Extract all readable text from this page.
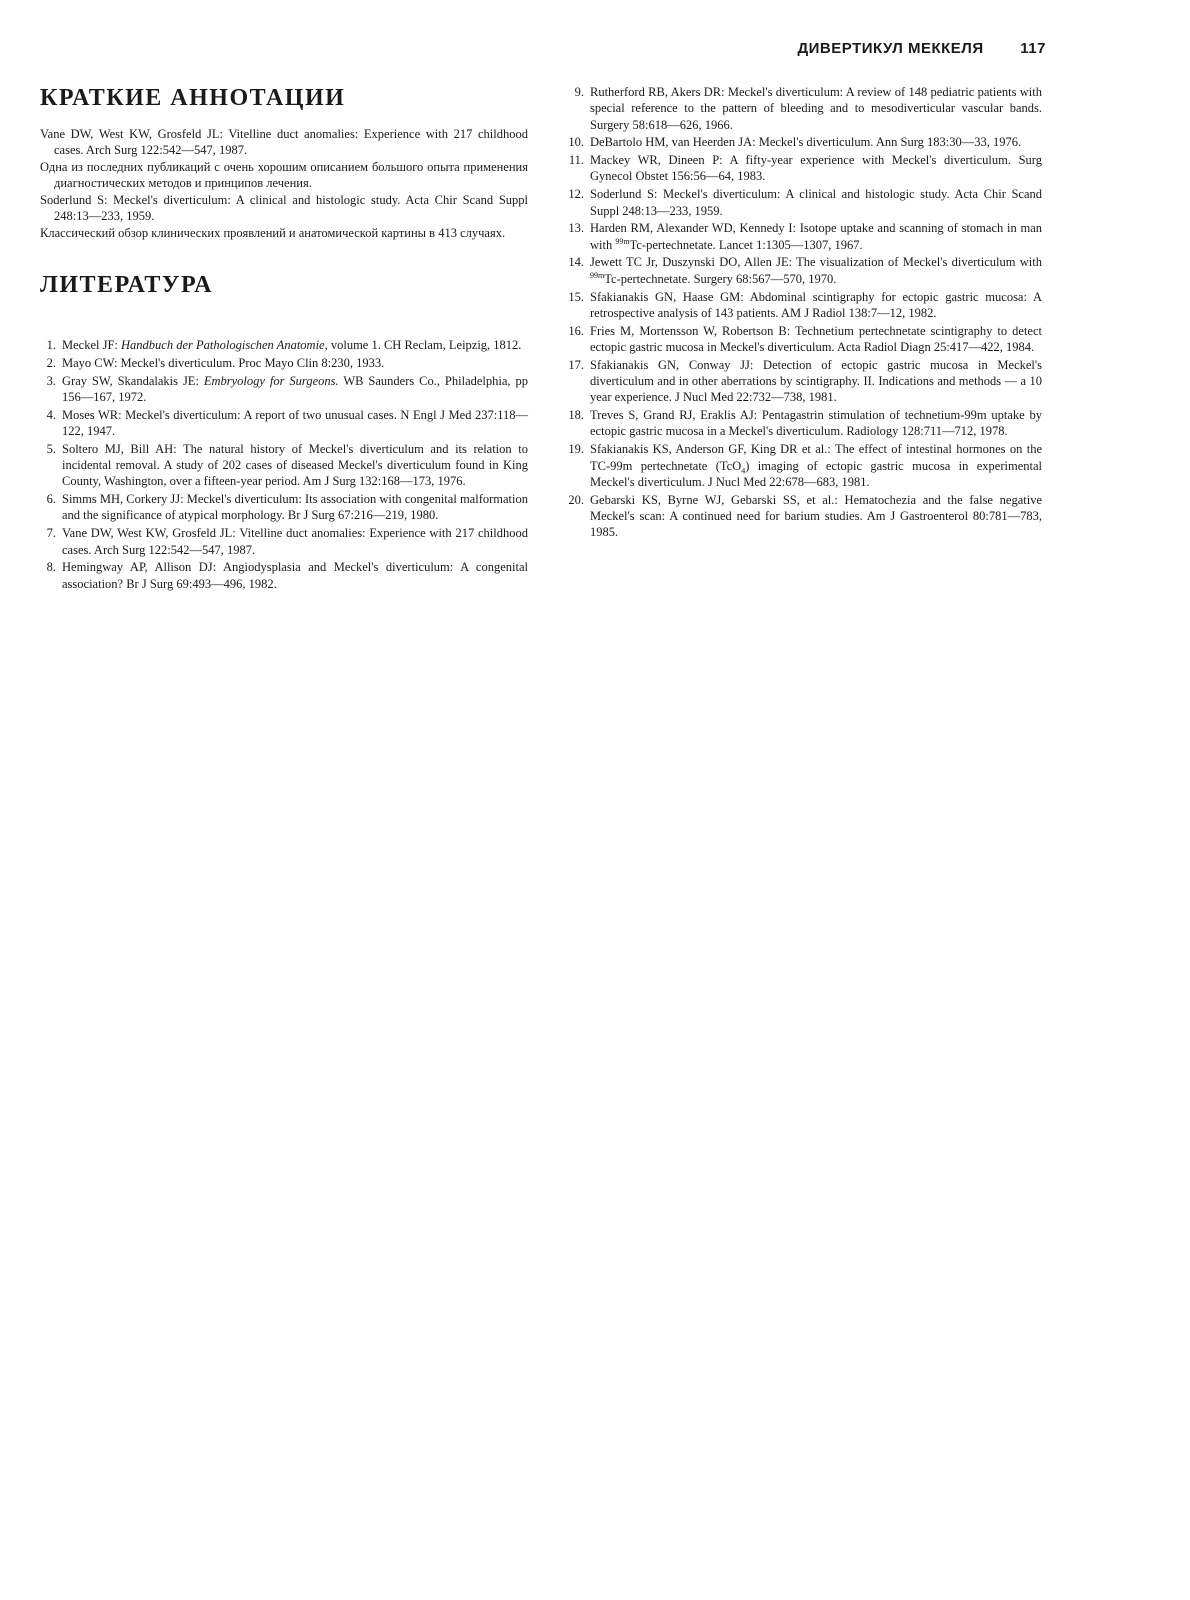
ДИВЕРТИКУЛ МЕККЕЛЯ 117
КРАТКИЕ АННОТАЦИИ

Vane DW, West KW, Grosfeld JL: Vitelline duct anomalies: Experience with 217 childhood cases. Arch Surg 122:542—547, 1987.

Одна из последних публикаций с очень хорошим описанием большого опыта применения диагностических методов и принципов лечения.

Soderlund S: Meckel's diverticulum: A clinical and histologic study. Acta Chir Scand Suppl 248:13—233, 1959.

Классический обзор клинических проявлений и анатомической картины в 413 случаях.

ЛИТЕРАТУРА
1. Meckel JF: Handbuch der Pathologischen Anatomie, volume 1. CH Reclam, Leipzig, 1812.
2. Mayo CW: Meckel's diverticulum. Proc Mayo Clin 8:230, 1933.
3. Gray SW, Skandalakis JE: Embryology for Surgeons. WB Saunders Co., Philadelphia, pp 156—167, 1972.
4. Moses WR: Meckel's diverticulum: A report of two unusual cases. N Engl J Med 237:118—122, 1947.
5. Soltero MJ, Bill AH: The natural history of Meckel's diverticulum and its relation to incidental removal. A study of 202 cases of diseased Meckel's diverticulum found in King County, Washington, over a fifteen-year period. Am J Surg 132:168—173, 1976.
6. Simms MH, Corkery JJ: Meckel's diverticulum: Its association with congenital malformation and the significance of atypical morphology. Br J Surg 67:216—219, 1980.
7. Vane DW, West KW, Grosfeld JL: Vitelline duct anomalies: Experience with 217 childhood cases. Arch Surg 122:542—547, 1987.
8. Hemingway AP, Allison DJ: Angiodysplasia and Meckel's diverticulum: A congenital association? Br J Surg 69:493—496, 1982.
9. Rutherford RB, Akers DR: Meckel's diverticulum: A review of 148 pediatric patients with special reference to the pattern of bleeding and to mesodiverticular vascular bands. Surgery 58:618—626, 1966.
10. DeBartolo HM, van Heerden JA: Meckel's diverticulum. Ann Surg 183:30—33, 1976.
11. Mackey WR, Dineen P: A fifty-year experience with Meckel's diverticulum. Surg Gynecol Obstet 156:56—64, 1983.
12. Soderlund S: Meckel's diverticulum: A clinical and histologic study. Acta Chir Scand Suppl 248:13—233, 1959.
13. Harden RM, Alexander WD, Kennedy I: Isotope uptake and scanning of stomach in man with $^{99m}$Tc-pertechnetate. Lancet 1:1305—1307, 1967.
14. Jewett TC Jr, Duszynski DO, Allen JE: The visualization of Meckel's diverticulum with $^{99m}$Tc-pertechnetate. Surgery 68:567—570, 1970.
15. Sfakianakis GN, Haase GM: Abdominal scintigraphy for ectopic gastric mucosa: A retrospective analysis of 143 patients. AM J Radiol 138:7—12, 1982.
16. Fries M, Mortensson W, Robertson B: Technetium pertechnetate scintigraphy to detect ectopic gastric mucosa in Meckel's diverticulum. Acta Radiol Diagn 25:417—422, 1984.
17. Sfakianakis GN, Conway JJ: Detection of ectopic gastric mucosa in Meckel's diverticulum and in other aberrations by scintigraphy. II. Indications and methods — a 10 year experience. J Nucl Med 22:732—738, 1981.
18. Treves S, Grand RJ, Eraklis AJ: Pentagastrin stimulation of technetium-99m uptake by ectopic gastric mucosa in a Meckel's diverticulum. Radiology 128:711—712, 1978.
19. Sfakianakis KS, Anderson GF, King DR et al.: The effect of intestinal hormones on the TC-99m pertechnetate (TcO$_4$) imaging of ectopic gastric mucosa in experimental Meckel's diverticulum. J Nucl Med 22:678—683, 1981.
20. Gebarski KS, Byrne WJ, Gebarski SS, et al.: Hematochezia and the false negative Meckel's scan: A continued need for barium studies. Am J Gastroenterol 80:781—783, 1985.
